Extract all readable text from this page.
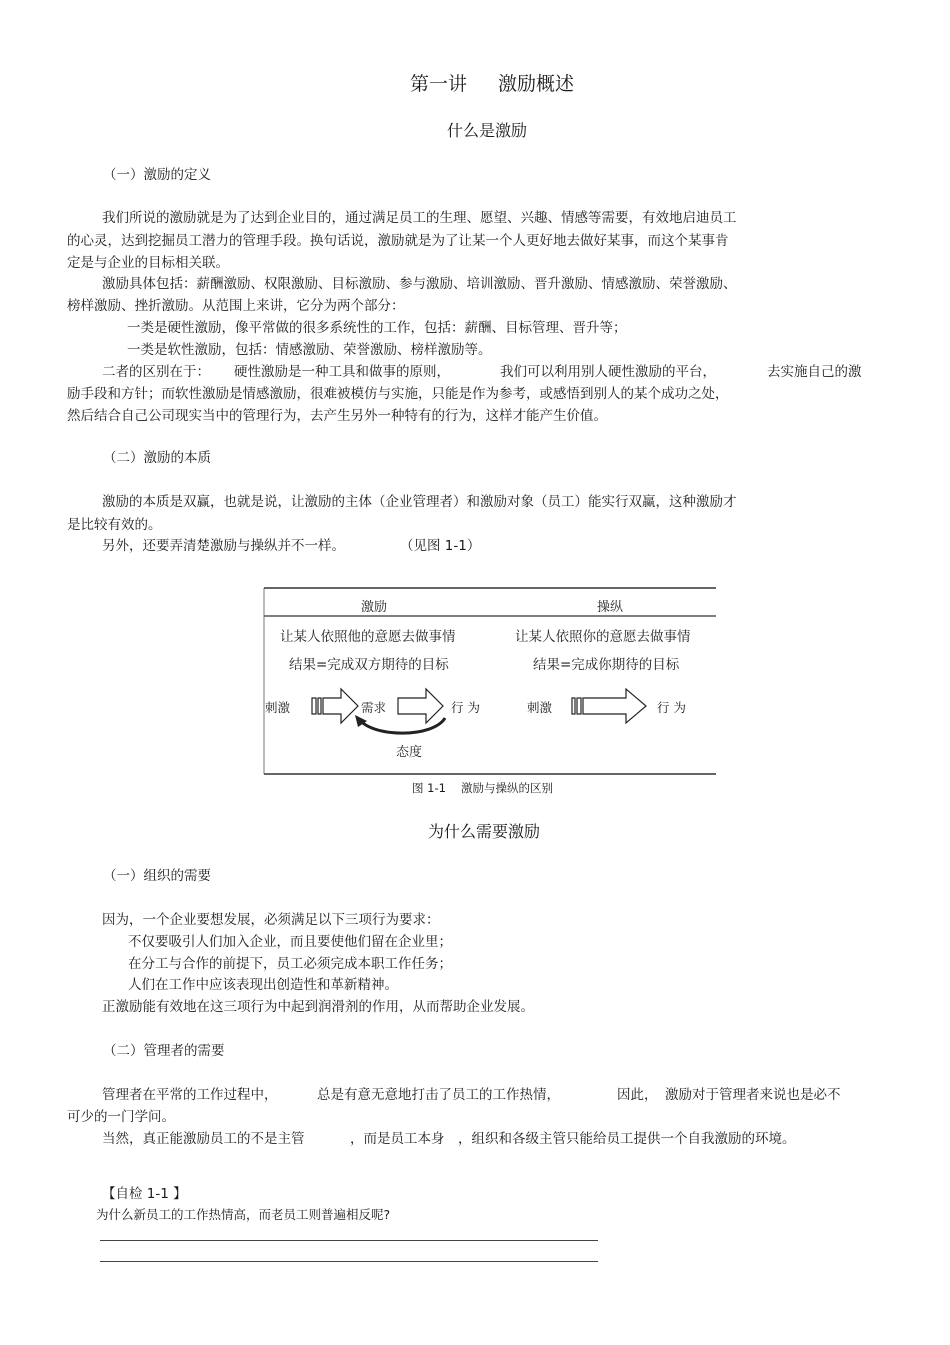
第一讲 激励概述
什么是激励
（一）激励的定义
我们所说的激励就是为了达到企业目的，通过满足员工的生理、愿望、兴趣、情感等需要，有效地启迪员工
的心灵，达到挖掘员工潜力的管理手段。换句话说，激励就是为了让某一个人更好地去做好某事，而这个某事肯
定是与企业的目标相关联。
激励具体包括：薪酬激励、权限激励、目标激励、参与激励、培训激励、晋升激励、情感激励、荣誉激励、
榜样激励、挫折激励。从范围上来讲，它分为两个部分：
一类是硬性激励，像平常做的很多系统性的工作，包括：薪酬、目标管理、晋升等；
一类是软性激励，包括：情感激励、荣誉激励、榜样激励等。
二者的区别在于： 硬性激励是一种工具和做事的原则，	我们可以利用别人硬性激励的平台，	去实施自己的激
励手段和方针；而软性激励是情感激励，很难被模仿与实施，只能是作为参考，或感悟到别人的某个成功之处，
然后结合自己公司现实当中的管理行为，去产生另外一种特有的行为，这样才能产生价值。
（二）激励的本质
激励的本质是双赢，也就是说，让激励的主体（企业管理者）和激励对象（员工）能实行双赢，这种激励才
是比较有效的。
另外，还要弄清楚激励与操纵并不一样。	（见图 1-1）
激励	操纵
让某人依照他的意愿去做事情
结果=完成双方期待的目标
让某人依照你的意愿去做事情
结果=完成你期待的目标
刺激	需求	行 为
态度
刺激	行 为
图 1-1 激励与操纵的区别
为什么需要激励
（一）组织的需要
因为，一个企业要想发展，必须满足以下三项行为要求：
不仅要吸引人们加入企业，而且要使他们留在企业里；
在分工与合作的前提下，员工必须完成本职工作任务；
人们在工作中应该表现出创造性和革新精神。
正激励能有效地在这三项行为中起到润滑剂的作用，从而帮助企业发展。
（二）管理者的需要
管理者在平常的工作过程中，	总是有意无意地打击了员工的工作热情，	因此， 激励对于管理者来说也是必不
可少的一门学问。
当然，真正能激励员工的不是主管	，而是员工本身 ，组织和各级主管只能给员工提供一个自我激励的环境。
【自检 1-1 】
为什么新员工的工作热情高，而老员工则普遍相反呢?
